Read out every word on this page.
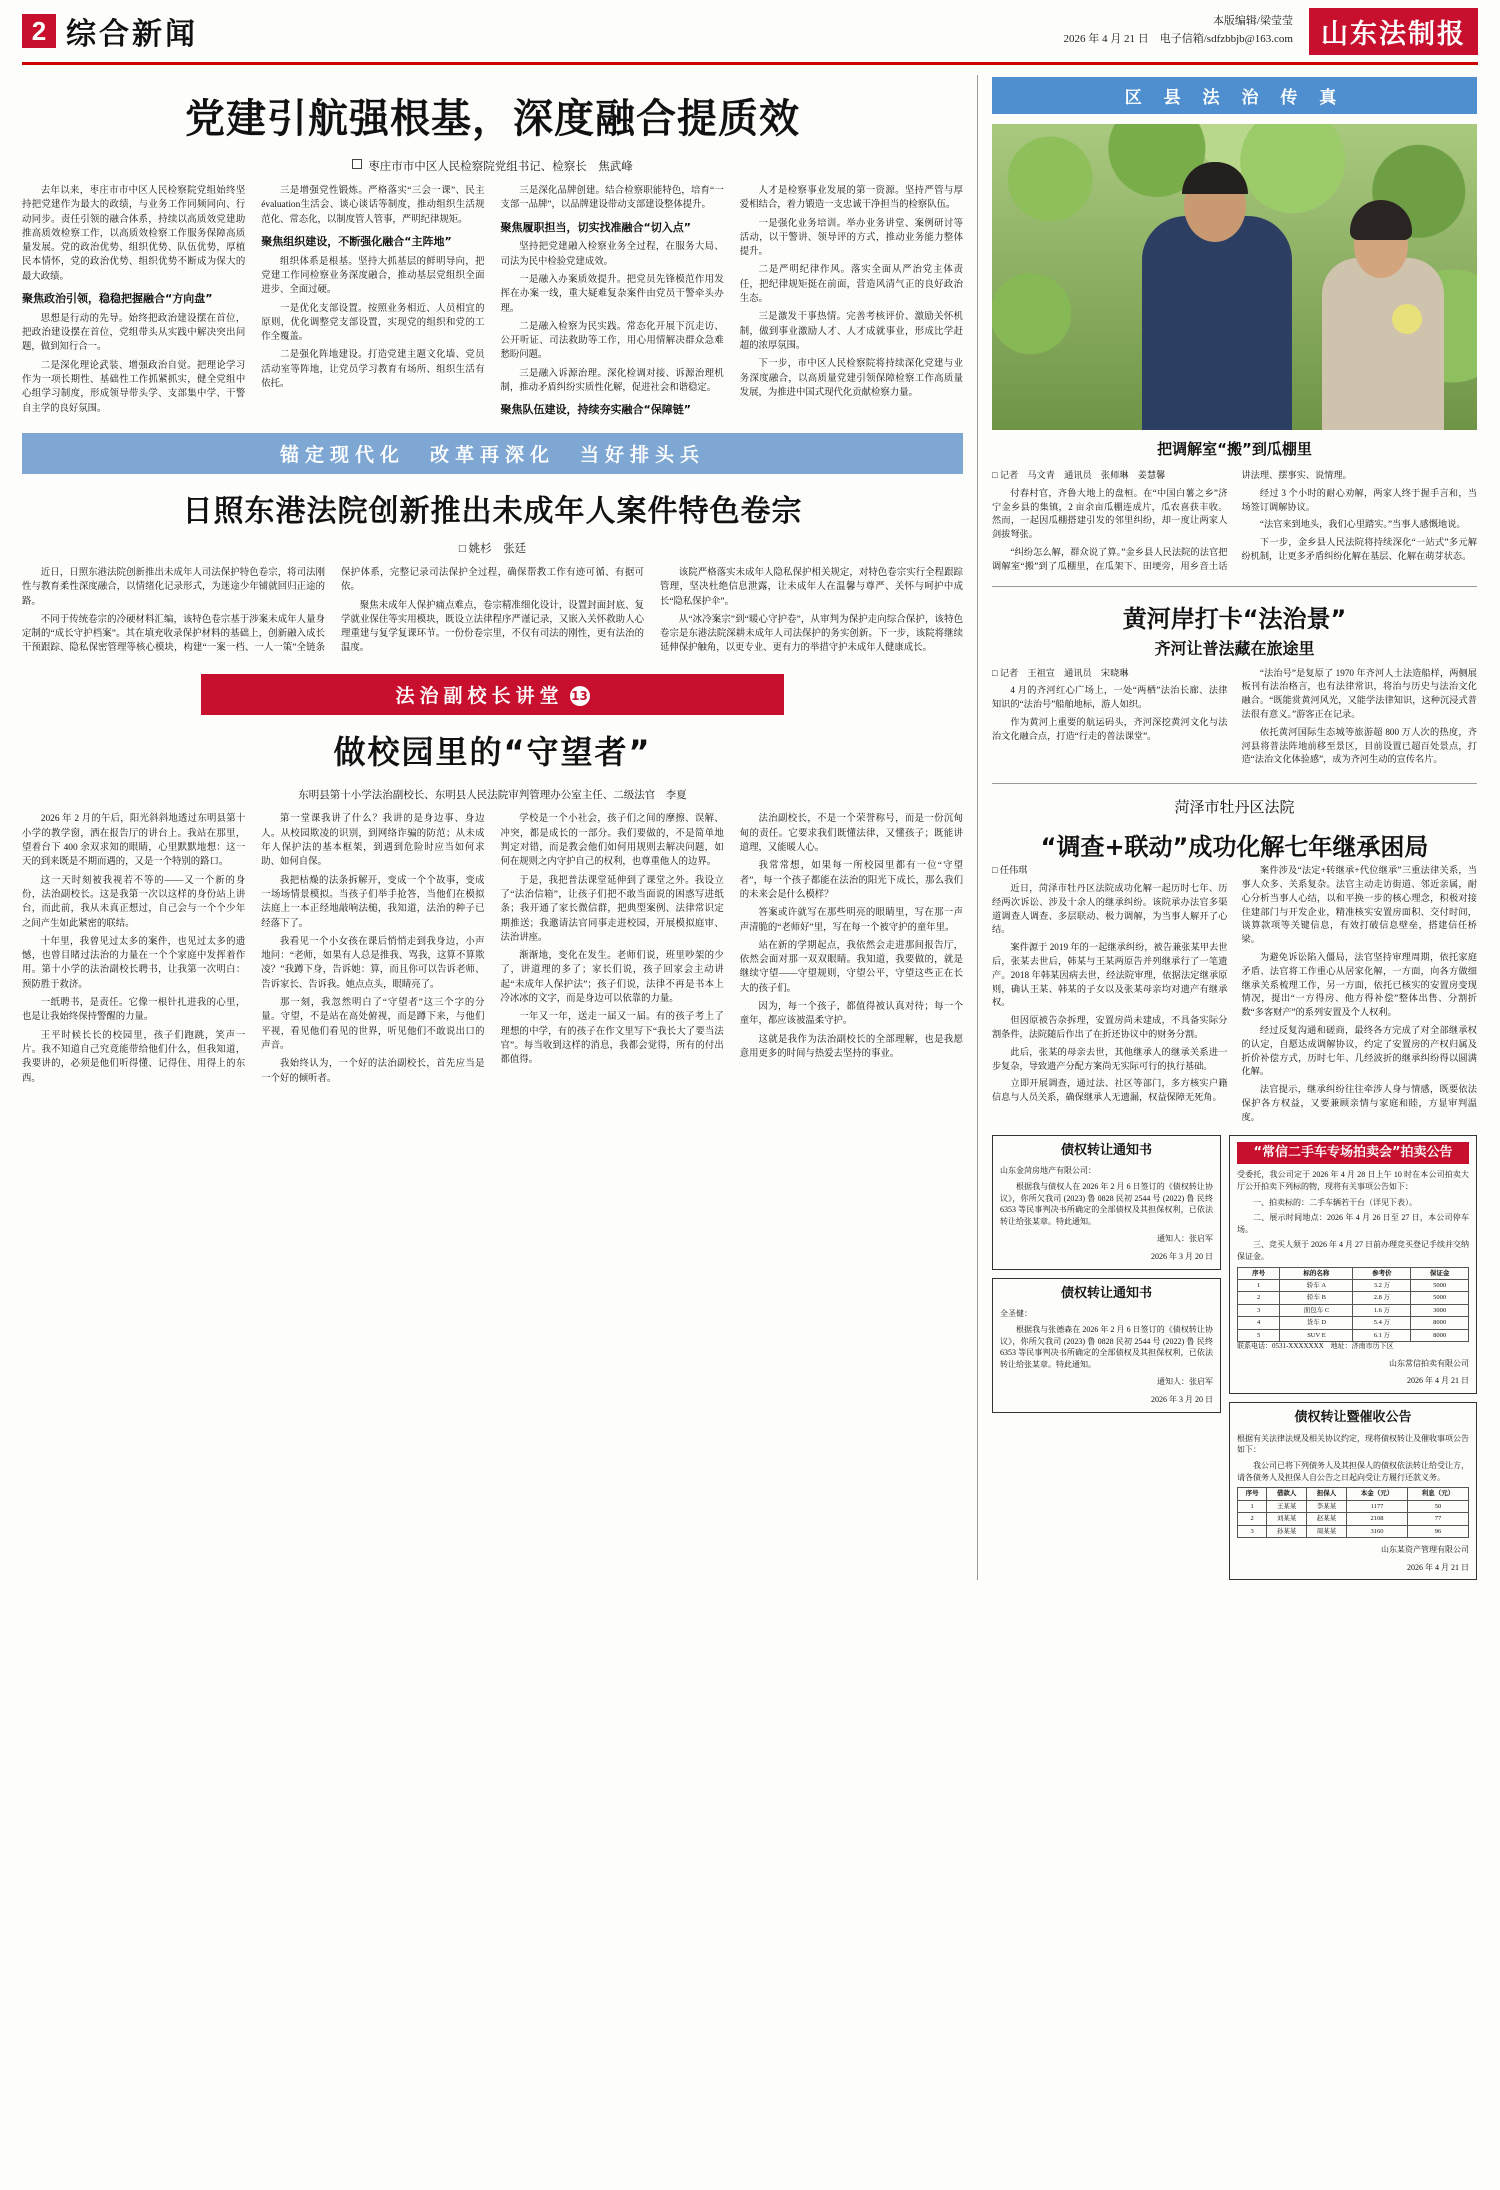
2 综合新闻	本版编辑/梁莹莹
2026 年 4 月 21 日 电子信箱/sdfzbbjb@163.com	山东法制报
党建引航强根基，深度融合提质效
枣庄市市中区人民检察院党组书记、检察长　焦武峰

去年以来，枣庄市市中区人民检察院党组始终坚持把党建作为最大的政绩，与业务工作同频同向、行动同步。责任引领的融合体系，持续以高质效党建助推高质效检察工作，以高质效检察工作服务保障高质量发展。党的政治优势、组织优势、队伍优势，厚植民本情怀，党的政治优势、组织优势不断成为保大的最大政绩。

聚焦政治引领，稳稳把握融合“方向盘”

思想是行动的先导。始终把政治建设摆在首位，把政治建设摆在首位，党组带头从实践中解决突出问题，做到知行合一。

二是深化理论武装、增强政治自觉。把理论学习作为一项长期性、基础性工作抓紧抓实，健全党组中心组学习制度，形成领导带头学、支部集中学、干警自主学的良好氛围。

三是增强党性锻炼。严格落实“三会一课”、民主évaluation生活会、谈心谈话等制度，推动组织生活规范化、常态化，以制度管人管事，严明纪律规矩。

聚焦组织建设，不断强化融合“主阵地”

组织体系是根基。坚持大抓基层的鲜明导向，把党建工作同检察业务深度融合，推动基层党组织全面进步、全面过硬。

一是优化支部设置。按照业务相近、人员相宜的原则，优化调整党支部设置，实现党的组织和党的工作全覆盖。

二是强化阵地建设。打造党建主题文化墙、党员活动室等阵地，让党员学习教育有场所、组织生活有依托。

三是深化品牌创建。结合检察职能特色，培育“一支部一品牌”，以品牌建设带动支部建设整体提升。

聚焦履职担当，切实找准融合“切入点”

坚持把党建融入检察业务全过程，在服务大局、司法为民中检验党建成效。

一是融入办案质效提升。把党员先锋模范作用发挥在办案一线，重大疑难复杂案件由党员干警牵头办理。

二是融入检察为民实践。常态化开展下沉走访、公开听证、司法救助等工作，用心用情解决群众急难愁盼问题。

三是融入诉源治理。深化检调对接、诉源治理机制，推动矛盾纠纷实质性化解，促进社会和谐稳定。

聚焦队伍建设，持续夯实融合“保障链”

人才是检察事业发展的第一资源。坚持严管与厚爱相结合，着力锻造一支忠诚干净担当的检察队伍。

一是强化业务培训。举办业务讲堂、案例研讨等活动，以干警讲、领导评的方式，推动业务能力整体提升。

二是严明纪律作风。落实全面从严治党主体责任，把纪律规矩挺在前面，营造风清气正的良好政治生态。

三是激发干事热情。完善考核评价、激励关怀机制，做到事业激励人才、人才成就事业，形成比学赶超的浓厚氛围。

下一步，市中区人民检察院将持续深化党建与业务深度融合，以高质量党建引领保障检察工作高质量发展，为推进中国式现代化贡献检察力量。

锚定现代化　改革再深化　当好排头兵
日照东港法院创新推出未成年人案件特色卷宗
□ 姚杉　张廷

近日，日照东港法院创新推出未成年人司法保护特色卷宗，将司法刚性与教育柔性深度融合，以情绪化记录形式，为迷途少年铺就回归正途的路。

不同于传统卷宗的冷硬材料汇编，该特色卷宗基于涉案未成年人量身定制的“成长守护档案”。其在填充收录保护材料的基础上，创新融入成长干预跟踪、隐私保密管理等核心模块，构建“一案一档、一人一策”全链条保护体系，完整记录司法保护全过程，确保帮教工作有迹可循、有据可依。

聚焦未成年人保护痛点难点，卷宗精准细化设计，设置封面封底、复学就业保住等实用模块，既设立法律程序严谨记录，又嵌入关怀救助人心理重建与复学复课环节。一份份卷宗里，不仅有司法的刚性，更有法治的温度。

该院严格落实未成年人隐私保护相关规定，对特色卷宗实行全程跟踪管理，坚决杜绝信息泄露，让未成年人在温馨与尊严、关怀与呵护中成长“隐私保护伞”。

从“冰冷案宗”到“暖心守护卷”，从审判为保护走向综合保护，该特色卷宗是东港法院深耕未成年人司法保护的务实创新。下一步，该院将继续延伸保护触角，以更专业、更有力的举措守护未成年人健康成长。

法治副校长讲堂 13
做校园里的“守望者”
东明县第十小学法治副校长、东明县人民法院审判管理办公室主任、二级法官　李夏

2026 年 2 月的午后，阳光斜斜地透过东明县第十小学的教学窗，洒在报告厅的讲台上。我站在那里，望着台下 400 余双求知的眼睛，心里默默地想：这一天的到来既是不期而遇的，又是一个特别的路口。

这一天时刻被我视若不等的——又一个新的身份，法治副校长。这是我第一次以这样的身份站上讲台，而此前，我从未真正想过，自己会与一个个少年之间产生如此紧密的联结。

十年里，我曾见过太多的案件，也见过太多的遗憾，也曾目睹过法治的力量在一个个家庭中发挥着作用。第十小学的法治副校长聘书，让我第一次明白：预防胜于救济。

一纸聘书，是责任。它像一根针扎进我的心里，也是让我始终保持警醒的力量。

王平时候长长的校园里，孩子们跑跳，笑声一片。我不知道自己究竟能带给他们什么，但我知道，我要讲的，必须是他们听得懂、记得住、用得上的东西。

第一堂课我讲了什么？我讲的是身边事、身边人。从校园欺凌的识别，到网络诈骗的防范；从未成年人保护法的基本框架，到遇到危险时应当如何求助、如何自保。

我把枯燥的法条拆解开，变成一个个故事，变成一场场情景模拟。当孩子们举手抢答，当他们在模拟法庭上一本正经地敲响法槌，我知道，法治的种子已经落下了。

我看见一个小女孩在课后悄悄走到我身边，小声地问：“老师，如果有人总是推我、骂我，这算不算欺凌？”我蹲下身，告诉她：算，而且你可以告诉老师、告诉家长、告诉我。她点点头，眼睛亮了。

那一刻，我忽然明白了“守望者”这三个字的分量。守望，不是站在高处俯视，而是蹲下来，与他们平视，看见他们看见的世界，听见他们不敢说出口的声音。

我始终认为，一个好的法治副校长，首先应当是一个好的倾听者。

学校是一个小社会，孩子们之间的摩擦、误解、冲突，都是成长的一部分。我们要做的，不是简单地判定对错，而是教会他们如何用规则去解决问题，如何在规则之内守护自己的权利，也尊重他人的边界。

于是，我把普法课堂延伸到了课堂之外。我设立了“法治信箱”，让孩子们把不敢当面说的困惑写进纸条；我开通了家长微信群，把典型案例、法律常识定期推送；我邀请法官同事走进校园，开展模拟庭审、法治讲座。

渐渐地，变化在发生。老师们说，班里吵架的少了，讲道理的多了；家长们说，孩子回家会主动讲起“未成年人保护法”；孩子们说，法律不再是书本上冷冰冰的文字，而是身边可以依靠的力量。

一年又一年，送走一届又一届。有的孩子考上了理想的中学，有的孩子在作文里写下“我长大了要当法官”。每当收到这样的消息，我都会觉得，所有的付出都值得。

法治副校长，不是一个荣誉称号，而是一份沉甸甸的责任。它要求我们既懂法律，又懂孩子；既能讲道理，又能暖人心。

我常常想，如果每一所校园里都有一位“守望者”，每一个孩子都能在法治的阳光下成长，那么我们的未来会是什么模样？

答案或许就写在那些明亮的眼睛里，写在那一声声清脆的“老师好”里，写在每一个被守护的童年里。

站在新的学期起点，我依然会走进那间报告厅，依然会面对那一双双眼睛。我知道，我要做的，就是继续守望——守望规则，守望公平，守望这些正在长大的孩子们。

因为，每一个孩子，都值得被认真对待；每一个童年，都应该被温柔守护。

这就是我作为法治副校长的全部理解，也是我愿意用更多的时间与热爱去坚持的事业。

区 县 法 治 传 真
把调解室“搬”到瓜棚里

□ 记者　马文青　通讯员　张师琳　姜慧馨

付春村官，齐鲁大地上的盘桓。在“中国白薯之乡”济宁金乡县的集镇，2 亩余亩瓜棚连成片，瓜农喜获丰收。然而，一起因瓜棚搭建引发的邻里纠纷，却一度让两家人剑拔弩张。

“纠纷怎么解，群众说了算。”金乡县人民法院的法官把调解室“搬”到了瓜棚里，在瓜架下、田埂旁，用乡音土话讲法理、摆事实、说情理。

经过 3 个小时的耐心劝解，两家人终于握手言和，当场签订调解协议。

“法官来到地头，我们心里踏实。”当事人感慨地说。

下一步，金乡县人民法院将持续深化“一站式”多元解纷机制，让更多矛盾纠纷化解在基层、化解在萌芽状态。

黄河岸打卡“法治景”
齐河让普法藏在旅途里

□ 记者　王祖宣　通讯员　宋晓琳

4 月的齐河红心广场上，一处“两栖”法治长廊、法律知识的“法治号”船舶地标，游人如织。

作为黄河上重要的航运码头，齐河深挖黄河文化与法治文化融合点，打造“行走的普法课堂”。

“法治号”是复原了 1970 年齐河人土法造船样，两侧展板刊有法治格言，也有法律常识，将治与历史与法治文化融合。“既能赏黄河风光，又能学法律知识，这种沉浸式普法很有意义。”游客正在记录。

依托黄河国际生态城等旅游超 800 万人次的热度，齐河县将普法阵地前移至景区，目前设置已超百处景点，打造“法治文化体验感”，成为齐河生动的宣传名片。

菏泽市牡丹区法院
“调查+联动”成功化解七年继承困局

□ 任伟琪

近日，菏泽市牡丹区法院成功化解一起历时七年、历经两次诉讼、涉及十余人的继承纠纷。该院承办法官多渠道调查人调查、多层联动、极力调解，为当事人解开了心结。

案件源于 2019 年的一起继承纠纷，被告兼张某甲去世后，张某去世后，韩某与王某两原告并列继承行了一笔遗产。2018 年韩某因病去世，经法院审理，依据法定继承原则，确认王某、韩某的子女以及张某母亲均对遗产有继承权。

但因原被告杂拆理，安置房尚未建成，不具备实际分割条件，法院随后作出了在折还协议中的财务分割。

此后，张某的母亲去世，其他继承人的继承关系进一步复杂，导致遗产分配方案尚无实际可行的执行基础。

立即开展调查，通过法、社区等部门，多方核实户籍信息与人员关系，确保继承人无遗漏，权益保障无死角。

案件涉及“法定+转继承+代位继承”三重法律关系，当事人众多、关系复杂。法官主动走访街道、邻近亲属，耐心分析当事人心结，以和平换一步的核心理念，积极对接住建部门与开发企业，精准核实安置房面积、交付时间，谈算款项等关键信息，有效打破信息壁垒，搭建信任桥梁。

为避免诉讼陷入僵局，法官坚持审理周期，依托家庭矛盾、法官将工作重心从居家化解，一方面，向各方做细继承关系梳理工作，另一方面，依托已核实的安置房变现情况，提出“一方得房、他方得补偿”整体出售、分割折数“多客财产”的系列安置及个人权利。

经过反复沟通和磋商，最终各方完成了对全部继承权的认定，自愿达成调解协议，约定了安置房的产权归属及折价补偿方式，历时七年、几经波折的继承纠纷得以圆满化解。

法官提示，继承纠纷往往牵涉人身与情感，既要依法保护各方权益，又要兼顾亲情与家庭和睦，方显审判温度。

债权转让通知书

山东金菏房地产有限公司：

根据我与债权人在 2026 年 2 月 6 日签订的《债权转让协议》，你所欠我司 (2023) 鲁 0828 民初 2544 号 (2022) 鲁 民终 6353 等民事判决书所确定的全部债权及其担保权利，已依法转让给张某章。特此通知。

通知人：张启军
2026 年 3 月 20 日
债权转让通知书

全圣健：

根据我与张德森在 2026 年 2 月 6 日签订的《债权转让协议》，你所欠我司 (2023) 鲁 0828 民初 2544 号 (2022) 鲁 民终 6353 等民事判决书所确定的全部债权及其担保权利，已依法转让给张某章。特此通知。

通知人：张启军
2026 年 3 月 20 日
“常信二手车专场拍卖会”拍卖公告

受委托，我公司定于 2026 年 4 月 28 日上午 10 时在本公司拍卖大厅公开拍卖下列标的物，现将有关事项公告如下：

一、拍卖标的：二手车辆若干台（详见下表）。

二、展示时间地点：2026 年 4 月 26 日至 27 日，本公司停车场。

三、竞买人须于 2026 年 4 月 27 日前办理竞买登记手续并交纳保证金。

序号	标的名称	参考价	保证金
1	轿车 A	3.2 万	5000
2	轿车 B	2.8 万	5000
3	面包车 C	1.6 万	3000
4	货车 D	5.4 万	8000
5	SUV E	6.1 万	8000
联系电话：0531-XXXXXXX　地址：济南市历下区
山东常信拍卖有限公司
2026 年 4 月 21 日
债权转让暨催收公告

根据有关法律法规及相关协议约定，现将债权转让及催收事项公告如下：

我公司已将下列债务人及其担保人的债权依法转让给受让方，请各债务人及担保人自公告之日起向受让方履行还款义务。

序号	借款人	担保人	本金（元）	利息（元）
1	王某某	李某某	1177	50
2	刘某某	赵某某	2108	77
3	孙某某	周某某	3160	96
山东某资产管理有限公司
2026 年 4 月 21 日
